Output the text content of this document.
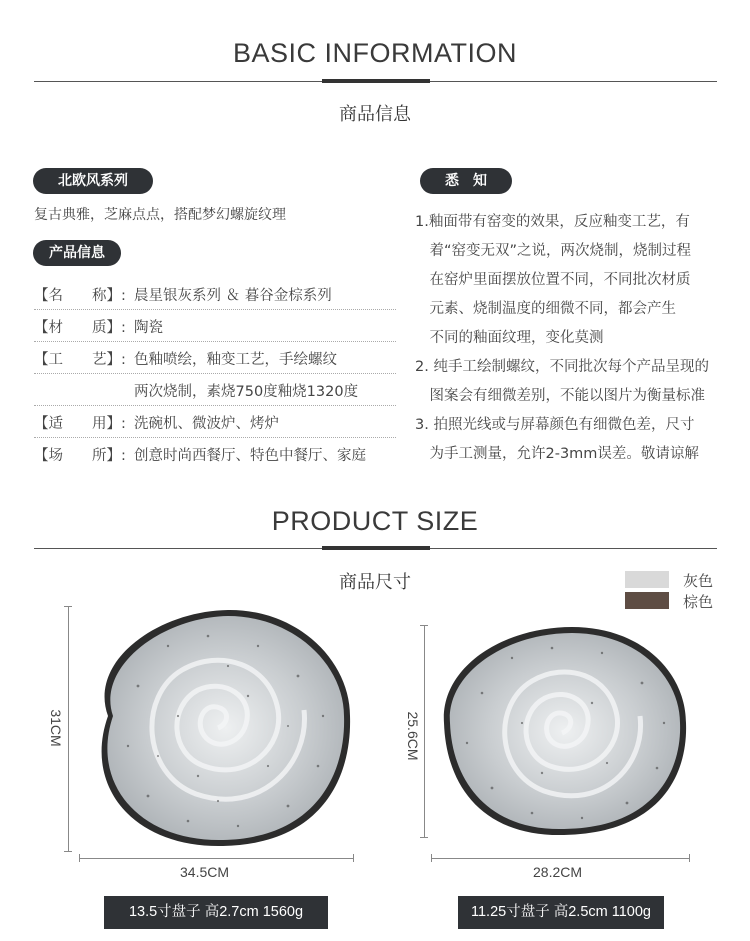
BASIC INFORMATION
商品信息
北欧风系列
复古典雅，芝麻点点，搭配梦幻螺旋纹理
产品信息
【名　　称】: 晨星银灰系列 ＆ 暮谷金棕系列
【材　　质】: 陶瓷
【工　　艺】: 色釉喷绘，釉变工艺，手绘螺纹
两次烧制，素烧750度釉烧1320度
【适　　用】: 洗碗机、微波炉、烤炉
【场　　所】: 创意时尚西餐厅、特色中餐厅、家庭
悉　知
1.釉面带有窑变的效果，反应釉变工艺，有
　着“窑变无双”之说，两次烧制，烧制过程
　在窑炉里面摆放位置不同，不同批次材质
　元素、烧制温度的细微不同，都会产生
　不同的釉面纹理，变化莫测
2. 纯手工绘制螺纹，不同批次每个产品呈现的
　图案会有细微差别，不能以图片为衡量标准
3. 拍照光线或与屏幕颜色有细微色差，尺寸
　为手工测量，允许2-3mm误差。敬请谅解
PRODUCT SIZE
商品尺寸	灰色
棕色
31CM
34.5CM
13.5寸盘子 高2.7cm 1560g
25.6CM
28.2CM
11.25寸盘子 高2.5cm 1100g
